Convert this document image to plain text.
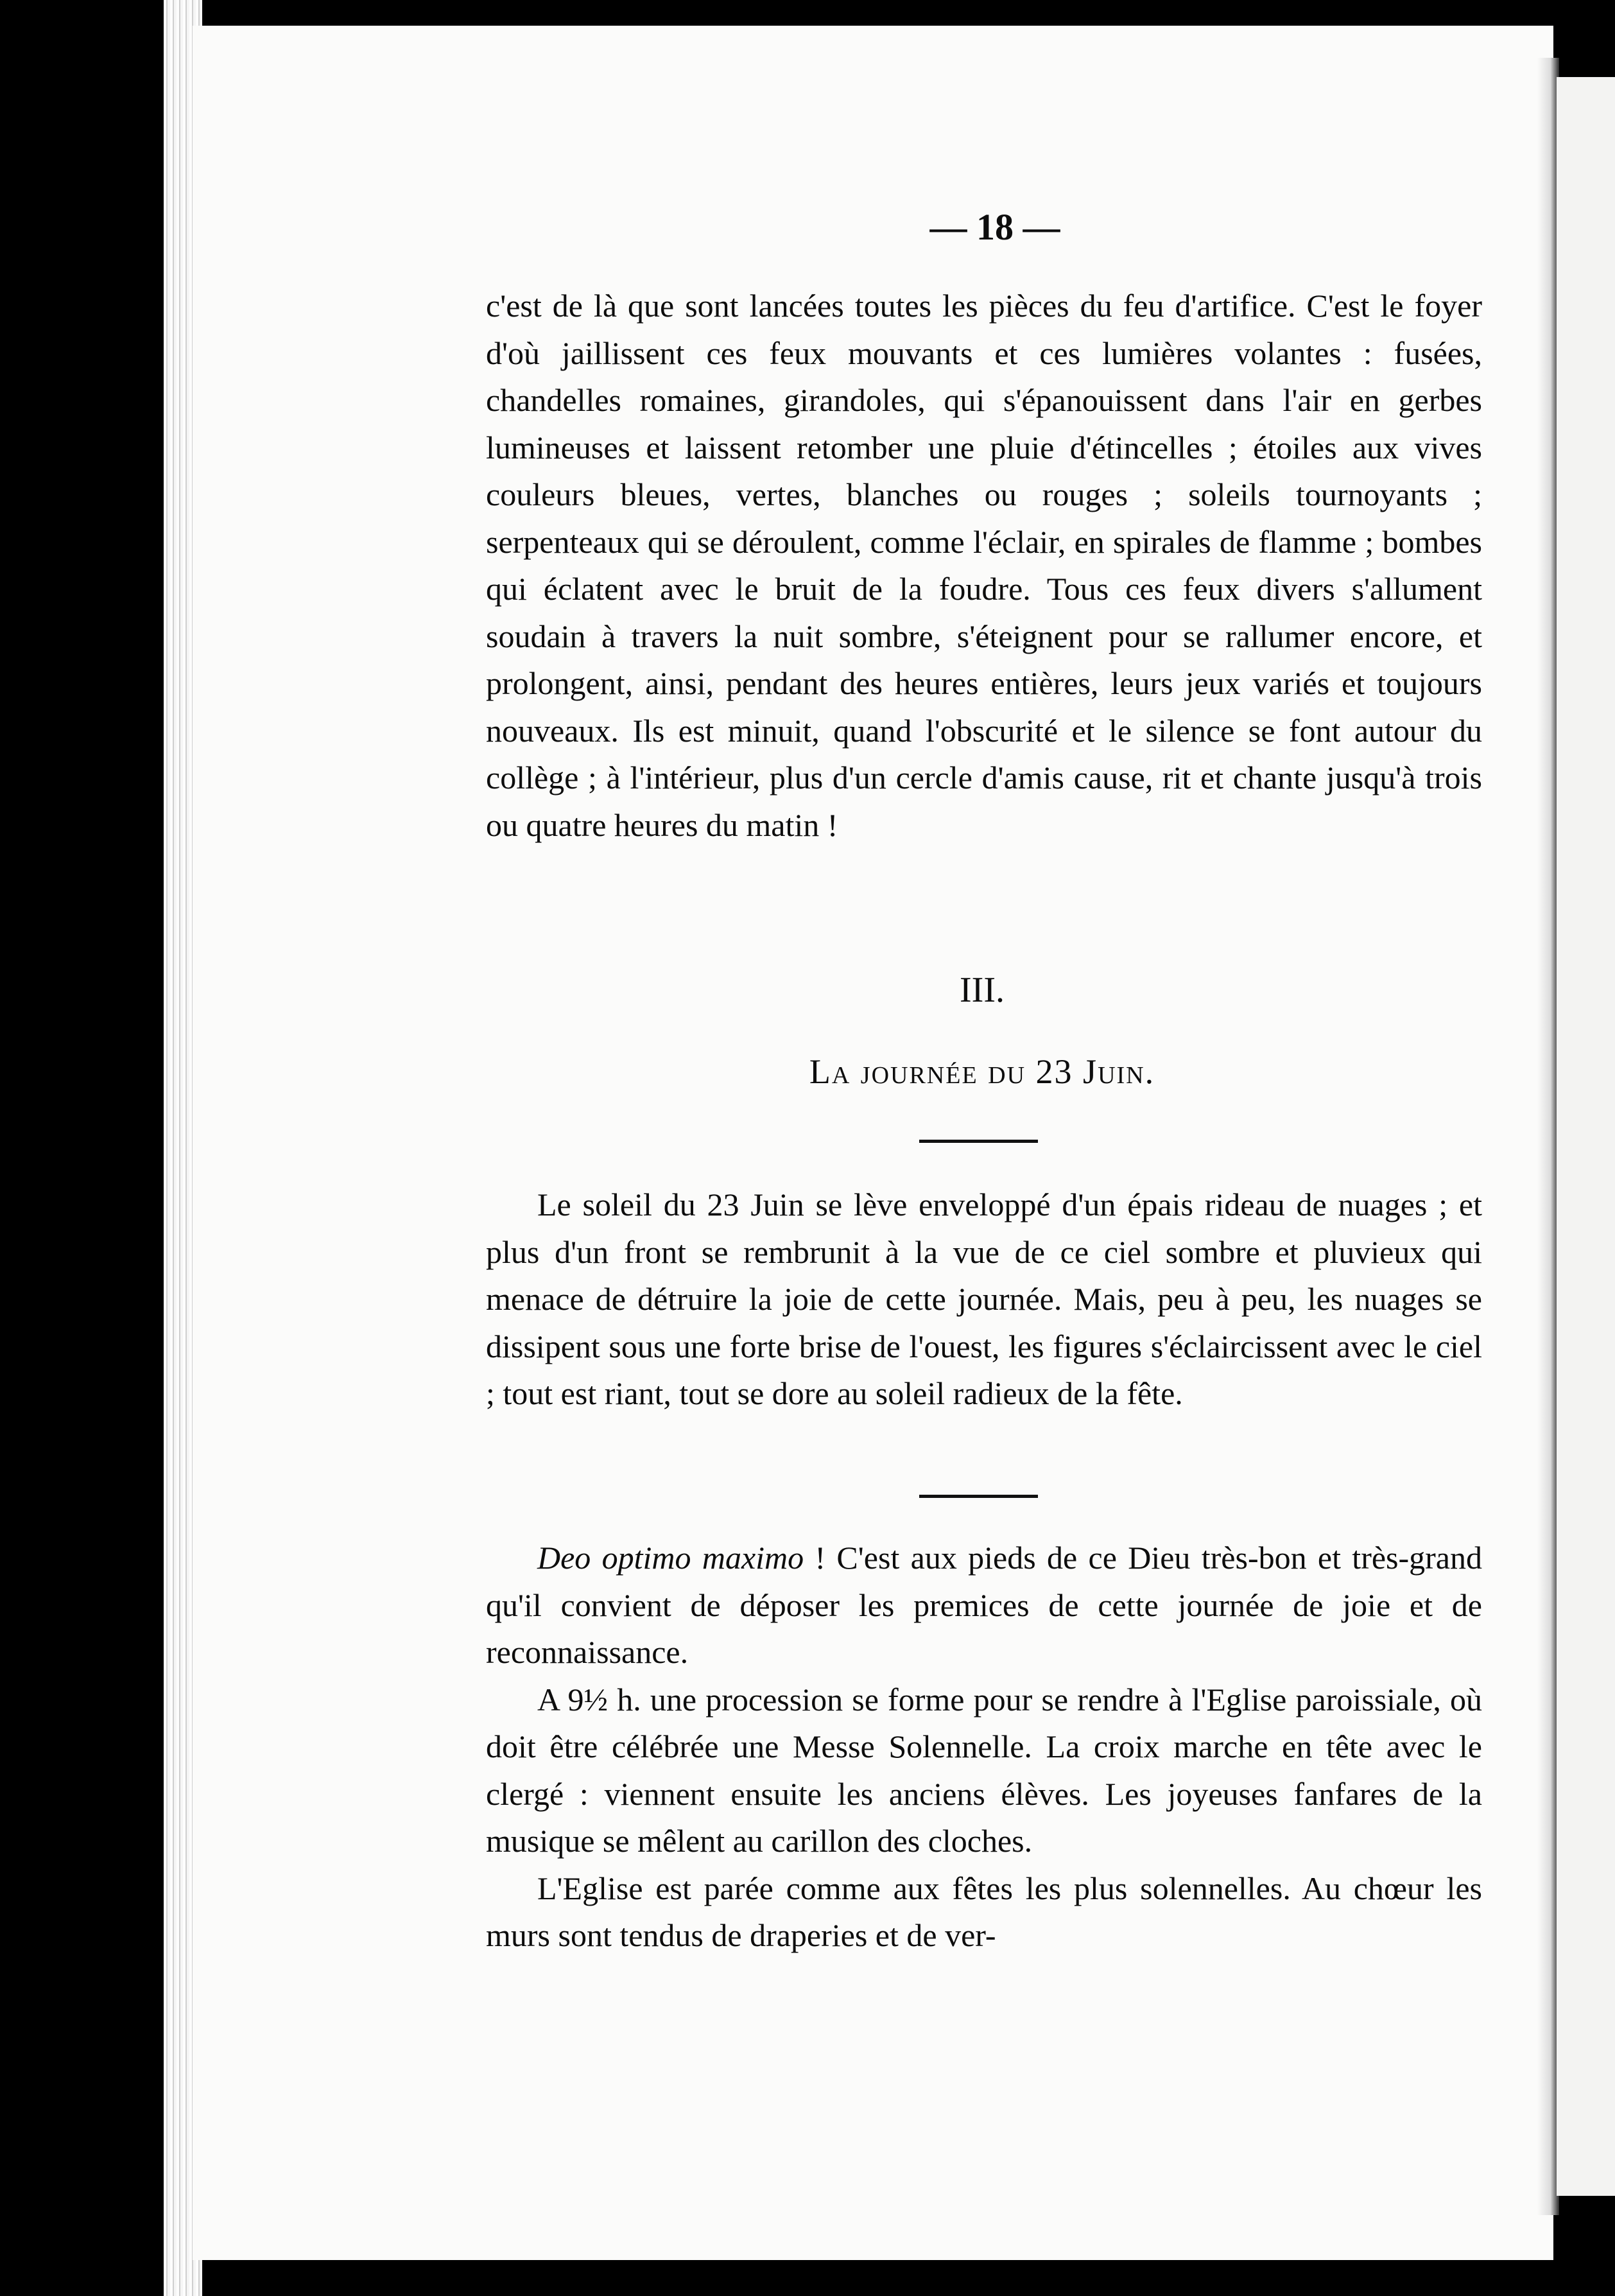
— 18 —

c'est de là que sont lancées toutes les pièces du feu d'artifice. C'est le foyer d'où jaillissent ces feux mouvants et ces lumières volantes : fusées, chandelles romaines, girandoles, qui s'épanouissent dans l'air en gerbes lumineuses et laissent retomber une pluie d'étincelles ; étoiles aux vives couleurs bleues, vertes, blanches ou rouges ; soleils tournoyants ; serpenteaux qui se déroulent, comme l'éclair, en spirales de flamme ; bombes qui éclatent avec le bruit de la foudre. Tous ces feux divers s'allument soudain à travers la nuit sombre, s'éteignent pour se rallumer encore, et prolongent, ainsi, pendant des heures entières, leurs jeux variés et toujours nouveaux. Ils est minuit, quand l'obscurité et le silence se font autour du collège ; à l'intérieur, plus d'un cercle d'amis cause, rit et chante jusqu'à trois ou quatre heures du matin !

III.
La journée du 23 Juin.

Le soleil du 23 Juin se lève enveloppé d'un épais rideau de nuages ; et plus d'un front se rembrunit à la vue de ce ciel sombre et pluvieux qui menace de détruire la joie de cette journée. Mais, peu à peu, les nuages se dissipent sous une forte brise de l'ouest, les figures s'éclaircissent avec le ciel ; tout est riant, tout se dore au soleil radieux de la fête.

Deo optimo maximo ! C'est aux pieds de ce Dieu très-bon et très-grand qu'il convient de déposer les premices de cette journée de joie et de reconnaissance.

A 9½ h. une procession se forme pour se rendre à l'Eglise paroissiale, où doit être célébrée une Messe Solennelle. La croix marche en tête avec le clergé : viennent ensuite les anciens élèves. Les joyeuses fanfares de la musique se mêlent au carillon des cloches.

L'Eglise est parée comme aux fêtes les plus solennelles. Au chœur les murs sont tendus de draperies et de ver-
